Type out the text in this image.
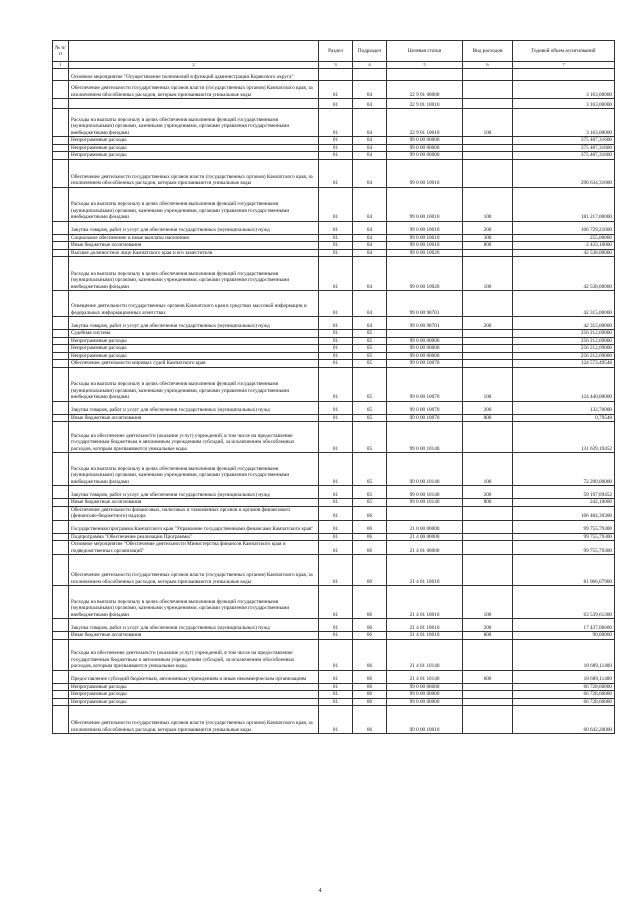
№ п/п		Раздел	Подраздел	Целевая статья	Вид расходов	Годовой объем ассигнований
1	2	3	4	5	6	7
	Основное мероприятие "Осуществление полномочий в функций администрации Корякского округа"					
	Обеспечение деятельности государственных органов власти (государственных органов) Камчатского края, за исключением обособленных расходов, которым присваиваются уникальные коды	01	04	22 9 01 00000		3 163,00000
		01	04	22 9 01 10010		3 163,00000
	Расходы на выплаты персоналу в целях обеспечения выполнения функций государственными (муниципальными) органами, казенными учреждениями, органами управления государственными внебюджетными фондами	01	04	22 9 01 10010	100	3 163,00000
	Непрограммные расходы	01	04	99 0 00 00000		375 487,31600
	Непрограммные расходы	01	04	99 0 00 00000		375 487,31600
	Непрограммные расходы	01	04	99 0 00 00000		375 487,31600
	Обеспечение деятельности государственных органов власти (государственных органов) Камчатского края, за исключением обособленных расходов, которым присваиваются уникальные коды	01	04	99 0 00 10010		290 634,31600
	Расходы на выплаты персоналу в целях обеспечения выполнения функций государственными (муниципальными) органами, казенными учреждениями, органами управления государственными внебюджетными фондами	01	04	99 0 00 10010	100	181 217,00000
	Закупка товаров, работ и услуг для обеспечения государственных (муниципальных) нужд	01	04	99 0 00 10010	200	106 729,21600
	Социальное обеспечение и иные выплаты населению	01	04	99 0 00 10010	300	255,00000
	Иные бюджетные ассигнования	01	04	99 0 00 10010	800	2 433,10000
	Высшее должностное лицо Камчатского края и его заместители	01	04	99 0 00 10020		42 538,00000
	Расходы на выплаты персоналу в целях обеспечения выполнения функций государственными (муниципальными) органами, казенными учреждениями, органами управления государственными внебюджетными фондами	01	04	99 0 00 10020	100	42 538,00000
	Освещение деятельности государственных органов Камчатского края в средствах массовой информации и федеральных информационных агентствах	01	04	99 0 00 98701		42 315,00000
	Закупка товаров, работ и услуг для обеспечения государственных (муниципальных) нужд	01	04	99 0 00 98701	200	42 315,00000
	Судебная система	01	05			256 212,69000
	Непрограммные расходы	01	05	99 0 00 00000		256 212,69000
	Непрограммные расходы	01	05	99 0 00 00000		256 212,69000
	Непрограммные расходы	01	05	99 0 00 00000		256 212,69000
	Обеспечение деятельности мировых судей Камчатского края	01	05	99 0 00 10070		124 573,49548
	Расходы на выплаты персоналу в целях обеспечения выполнения функций государственными (муниципальными) органами, казенными учреждениями, органами управления государственными внебюджетными фондами	01	05	99 0 00 10070	100	124 440,00000
	Закупка товаров, работ и услуг для обеспечения государственных (муниципальных) нужд	01	05	99 0 00 10070	200	132,70000
	Иные бюджетные ассигнования	01	05	99 0 00 10070	800	0,79548
	Расходы на обеспечение деятельности (оказание услуг) учреждений, в том числе на предоставление государственным бюджетным и автономным учреждениям субсидий, за исключением обособленных расходов, которым присваиваются уникальные коды	01	05	99 0 00 10140		131 639,19452
	Расходы на выплаты персоналу в целях обеспечения выполнения функций государственными (муниципальными) органами, казенными учреждениями, органами управления государственными внебюджетными фондами	01	05	99 0 00 10140	100	72 200,00000
	Закупка товаров, работ и услуг для обеспечения государственных (муниципальных) нужд	01	05	99 0 00 10140	200	59 197,09452
	Иные бюджетные ассигнования	01	05	99 0 00 10140	800	242,10000
	Обеспечение деятельности финансовых, налоговых и таможенных органов и органов финансового (финансово-бюджетного) надзора	01	06			166 484,39300
	Государственная программа Камчатского края "Управление государственными финансами Камчатского края"	01	06	21 0 00 00000		99 755,79300
	Подпрограмма "Обеспечение реализации Программы"	01	06	21 4 00 00000		99 755,79300
	Основное мероприятие "Обеспечение деятельности Министерства финансов Камчатского края и подведомственных организаций"	01	06	21 4 01 00000		99 755,79300
	Обеспечение деятельности государственных органов власти (государственных органов) Камчатского края, за исключением обособленных расходов, которым присваиваются уникальные коды	01	06	21 4 01 10010		81 066,67900
	Расходы на выплаты персоналу в целях обеспечения выполнения функций государственными (муниципальными) органами, казенными учреждениями, органами управления государственными внебюджетными фондами	01	06	21 4 01 10010	100	63 539,61300
	Закупка товаров, работ и услуг для обеспечения государственных (муниципальных) нужд	01	06	21 4 01 10010	200	17 437,06600
	Иные бюджетные ассигнования	01	06	21 4 01 10010	800	90,00000
	Расходы на обеспечение деятельности (оказание услуг) учреждений, в том числе на предоставление государственным бюджетным и автономным учреждениям субсидий, за исключением обособленных расходов, которым присваиваются уникальные коды	01	06	21 4 01 10140		18 689,11400
	Предоставление субсидий бюджетным, автономным учреждениям и иным некоммерческим организациям	01	06	21 4 01 10140	600	18 689,11400
	Непрограммные расходы	01	06	99 0 00 00000		66 728,60000
	Непрограммные расходы	01	06	99 0 00 00000		66 728,60000
	Непрограммные расходы	01	06	99 0 00 00000		66 728,60000
	Обеспечение деятельности государственных органов власти (государственных органов) Камчатского края, за исключением обособленных расходов, которым присваиваются уникальные коды	01	06	99 0 00 10010		60 642,20000
4
